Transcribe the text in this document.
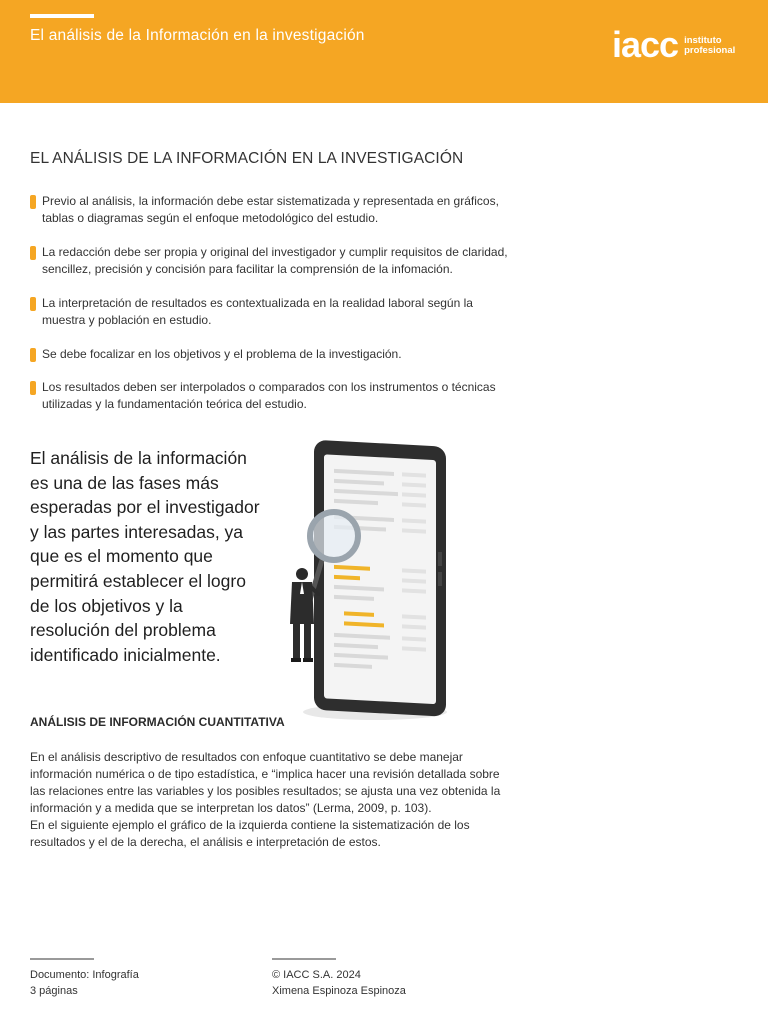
El análisis de la Información en la investigación	iacc instituto
profesional
EL ANÁLISIS DE LA INFORMACIÓN EN LA INVESTIGACIÓN
Previo al análisis, la información debe estar sistematizada y representada en gráficos, tablas o diagramas según el enfoque metodológico del estudio.
La redacción debe ser propia y original del investigador y cumplir requisitos de claridad, sencillez, precisión y concisión para facilitar la comprensión de la infomación.
La interpretación de resultados es contextualizada en la realidad laboral según la muestra y población en estudio.
Se debe focalizar en los objetivos y el problema de la investigación.
Los resultados deben ser interpolados o comparados con los instrumentos o técnicas utilizadas y la fundamentación teórica del estudio.
El análisis de la información es una de las fases más esperadas por el investigador y las partes interesadas, ya que es el momento que permitirá establecer el logro de los objetivos y la resolución del problema identificado inicialmente.
ANÁLISIS DE INFORMACIÓN CUANTITATIVA

En el análisis descriptivo de resultados con enfoque cuantitativo se debe manejar información numérica o de tipo estadística, e “implica hacer una revisión detallada sobre las relaciones entre las variables y los posibles resultados; se ajusta una vez obtenida la información y a medida que se interpretan los datos” (Lerma, 2009, p. 103).

En el siguiente ejemplo el gráfico de la izquierda contiene la sistematización de los resultados y el de la derecha, el análisis e interpretación de estos.

Documento: Infografía
3 páginas
© IACC S.A. 2024
Ximena Espinoza Espinoza
